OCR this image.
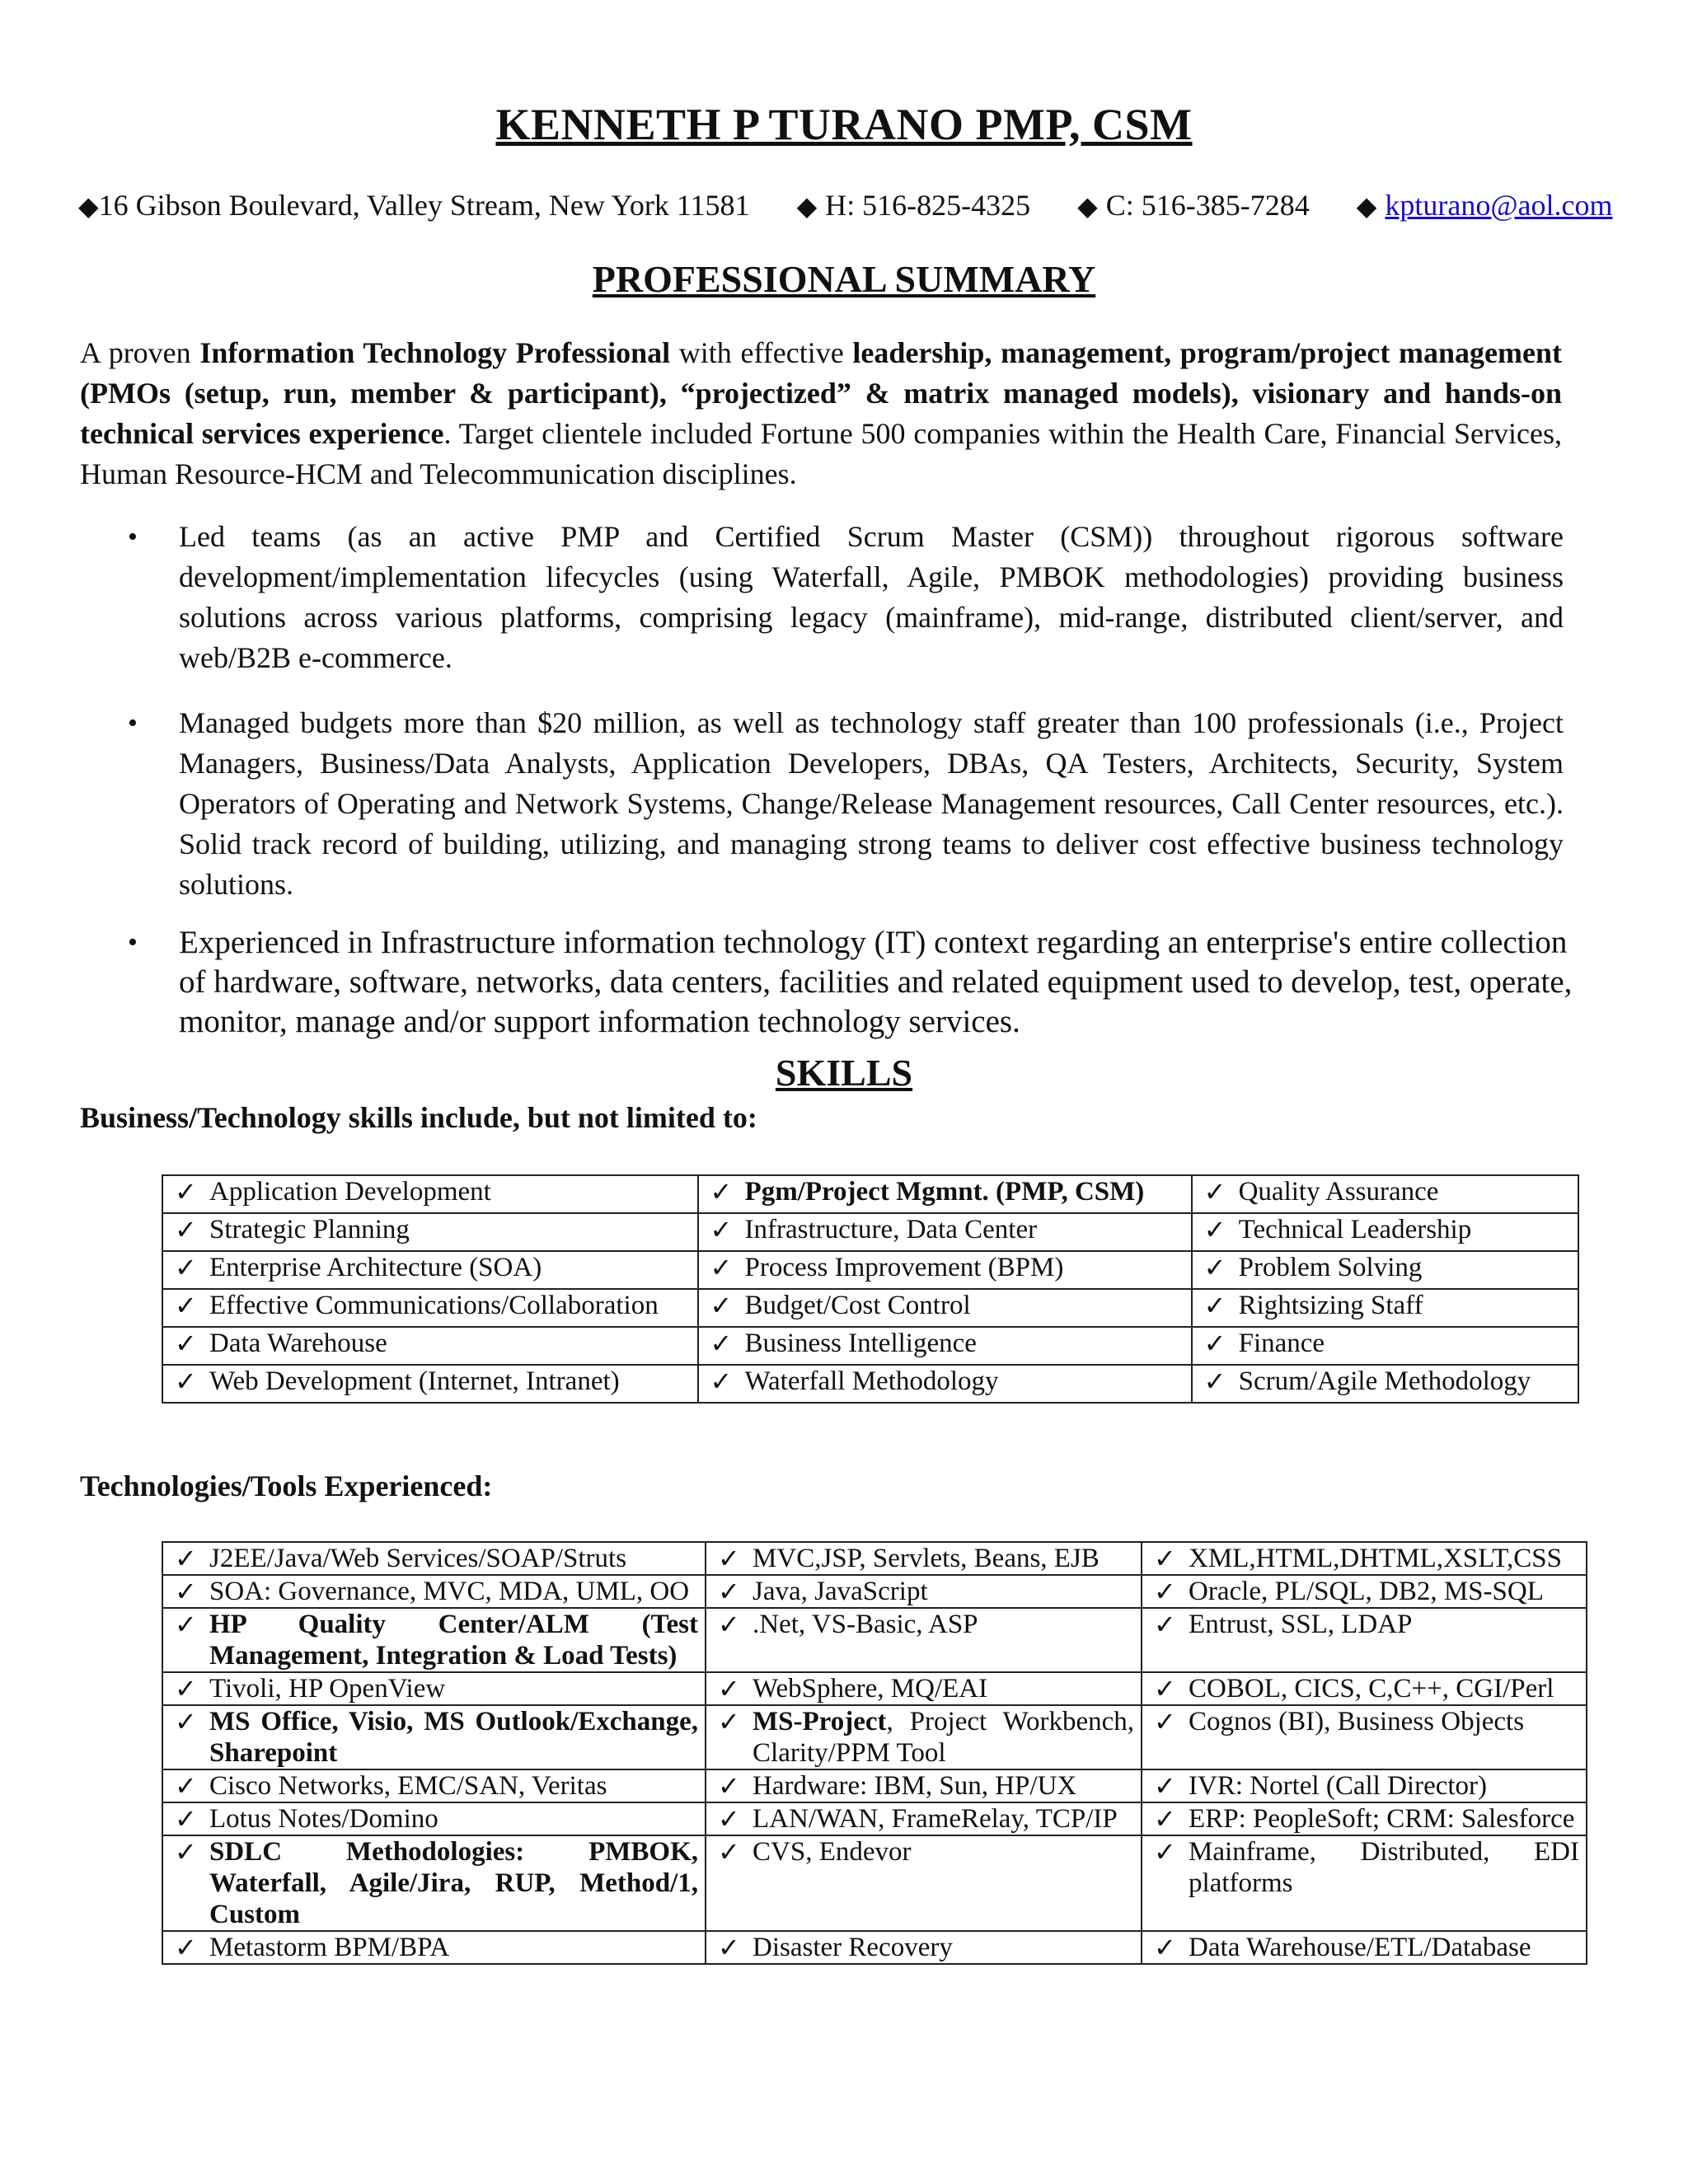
KENNETH P TURANO PMP, CSM
◆16 Gibson Boulevard, Valley Stream, New York 11581 ◆ H: 516-825-4325 ◆ C: 516-385-7284 ◆ kpturano@aol.com
PROFESSIONAL SUMMARY
A proven Information Technology Professional with effective leadership, management, program/project management (PMOs (setup, run, member & participant), “projectized” & matrix managed models), visionary and hands-on technical services experience. Target clientele included Fortune 500 companies within the Health Care, Financial Services, Human Resource-HCM and Telecommunication disciplines.
• Led teams (as an active PMP and Certified Scrum Master (CSM)) throughout rigorous software development/implementation lifecycles (using Waterfall, Agile, PMBOK methodologies) providing business solutions across various platforms, comprising legacy (mainframe), mid-range, distributed client/server, and web/B2B e-commerce.
• Managed budgets more than $20 million, as well as technology staff greater than 100 professionals (i.e., Project Managers, Business/Data Analysts, Application Developers, DBAs, QA Testers, Architects, Security, System Operators of Operating and Network Systems, Change/Release Management resources, Call Center resources, etc.). Solid track record of building, utilizing, and managing strong teams to deliver cost effective business technology solutions.
• Experienced in Infrastructure information technology (IT) context regarding an enterprise's entire collection of hardware, software, networks, data centers, facilities and related equipment used to develop, test, operate, monitor, manage and/or support information technology services.
SKILLS
Business/Technology skills include, but not limited to:
✓ Application Development	✓ Pgm/Project Mgmnt. (PMP, CSM)	✓ Quality Assurance

✓ Strategic Planning	✓ Infrastructure, Data Center	✓ Technical Leadership

✓ Enterprise Architecture (SOA)	✓ Process Improvement (BPM)	✓ Problem Solving

✓ Effective Communications/Collaboration	✓ Budget/Cost Control	✓ Rightsizing Staff

✓ Data Warehouse	✓ Business Intelligence	✓ Finance

✓ Web Development (Internet, Intranet)	✓ Waterfall Methodology	✓ Scrum/Agile Methodology
Technologies/Tools Experienced:
✓ J2EE/Java/Web Services/SOAP/Struts	✓ MVC,JSP, Servlets, Beans, EJB	✓ XML,HTML,DHTML,XSLT,CSS

✓ SOA: Governance, MVC, MDA, UML, OO	✓ Java, JavaScript	✓ Oracle, PL/SQL, DB2, MS-SQL

✓ HP Quality Center/ALM (Test Management, Integration & Load Tests)	✓ .Net, VS-Basic, ASP	✓ Entrust, SSL, LDAP

✓ Tivoli, HP OpenView	✓ WebSphere, MQ/EAI	✓ COBOL, CICS, C,C++, CGI/Perl

✓ MS Office, Visio, MS Outlook/Exchange, Sharepoint	✓ MS-Project, Project Workbench, Clarity/PPM Tool	✓ Cognos (BI), Business Objects

✓ Cisco Networks, EMC/SAN, Veritas	✓ Hardware: IBM, Sun, HP/UX	✓ IVR: Nortel (Call Director)

✓ Lotus Notes/Domino	✓ LAN/WAN, FrameRelay, TCP/IP	✓ ERP: PeopleSoft; CRM: Salesforce

✓ SDLC Methodologies: PMBOK, Waterfall, Agile/Jira, RUP, Method/1, Custom	✓ CVS, Endevor	✓ Mainframe, Distributed, EDI platforms

✓ Metastorm BPM/BPA	✓ Disaster Recovery	✓ Data Warehouse/ETL/Database
